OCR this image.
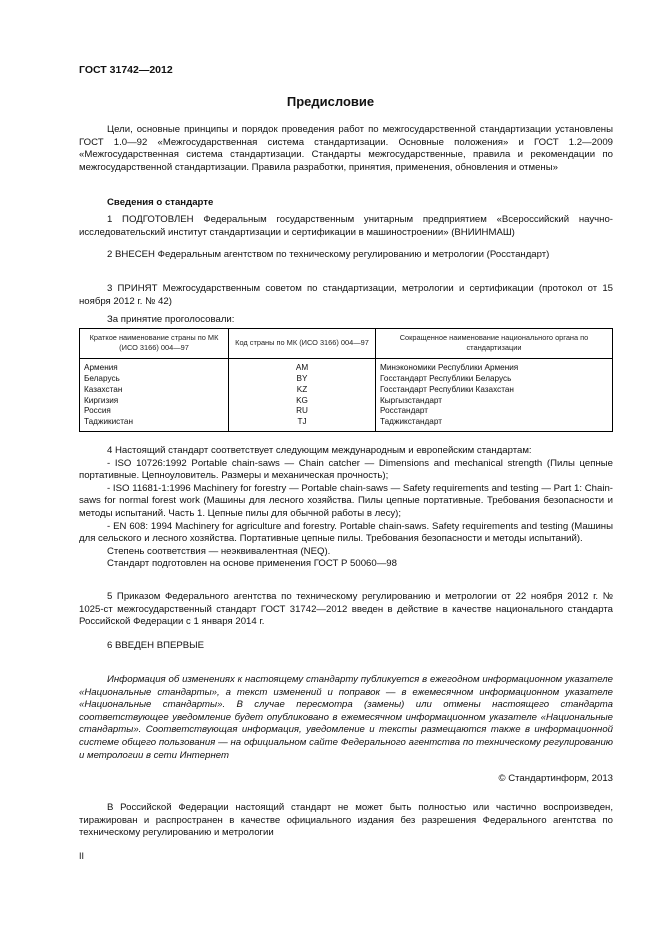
ГОСТ 31742—2012
Предисловие

Цели, основные принципы и порядок проведения работ по межгосударственной стандартизации установлены ГОСТ 1.0—92 «Межгосударственная система стандартизации. Основные положения» и ГОСТ 1.2—2009 «Межгосударственная система стандартизации. Стандарты межгосударственные, правила и рекомендации по межгосударственной стандартизации. Правила разработки, принятия, применения, обновления и отмены»

Сведения о стандарте

1 ПОДГОТОВЛЕН Федеральным государственным унитарным предприятием «Всероссийский научно-исследовательский институт стандартизации и сертификации в машиностроении» (ВНИИНМАШ)

2 ВНЕСЕН Федеральным агентством по техническому регулированию и метрологии (Росстандарт)

3 ПРИНЯТ Межгосударственным советом по стандартизации, метрологии и сертификации (протокол от 15 ноября 2012 г. № 42)

За принятие проголосовали:
Краткое наименование страны по МК (ИСО 3166) 004—97	Код страны по МК (ИСО 3166) 004—97	Сокращенное наименование национального органа по стандартизации
Армения	AM	Минэкономики Республики Армения
Беларусь	BY	Госстандарт Республики Беларусь
Казахстан	KZ	Госстандарт Республики Казахстан
Киргизия	KG	Кыргызстандарт
Россия	RU	Росстандарт
Таджикистан	TJ	Таджикстандарт

4 Настоящий стандарт соответствует следующим международным и европейским стандартам:

- ISO 10726:1992 Portable chain-saws — Chain catcher — Dimensions and mechanical strength (Пилы цепные портативные. Цепноуловитель. Размеры и механическая прочность);

- ISO 11681-1:1996 Machinery for forestry — Portable chain-saws — Safety requirements and testing — Part 1: Chain-saws for normal forest work (Машины для лесного хозяйства. Пилы цепные портативные. Требования безопасности и методы испытаний. Часть 1. Цепные пилы для обычной работы в лесу);

- EN 608: 1994 Machinery for agriculture and forestry. Portable chain-saws. Safety requirements and testing (Машины для сельского и лесного хозяйства. Портативные цепные пилы. Требования безопасности и методы испытаний).

Степень соответствия — неэквивалентная (NEQ).

Стандарт подготовлен на основе применения ГОСТ Р 50060—98

5 Приказом Федерального агентства по техническому регулированию и метрологии от 22 ноября 2012 г. № 1025-ст межгосударственный стандарт ГОСТ 31742—2012 введен в действие в качестве национального стандарта Российской Федерации с 1 января 2014 г.

6 ВВЕДЕН ВПЕРВЫЕ

Информация об изменениях к настоящему стандарту публикуется в ежегодном информационном указателе «Национальные стандарты», а текст изменений и поправок — в ежемесячном информационном указателе «Национальные стандарты». В случае пересмотра (замены) или отмены настоящего стандарта соответствующее уведомление будет опубликовано в ежемесячном информационном указателе «Национальные стандарты». Соответствующая информация, уведомление и тексты размещаются также в информационной системе общего пользования — на официальном сайте Федерального агентства по техническому регулированию и метрологии в сети Интернет

© Стандартинформ, 2013

В Российской Федерации настоящий стандарт не может быть полностью или частично воспроизведен, тиражирован и распространен в качестве официального издания без разрешения Федерального агентства по техническому регулированию и метрологии

II
